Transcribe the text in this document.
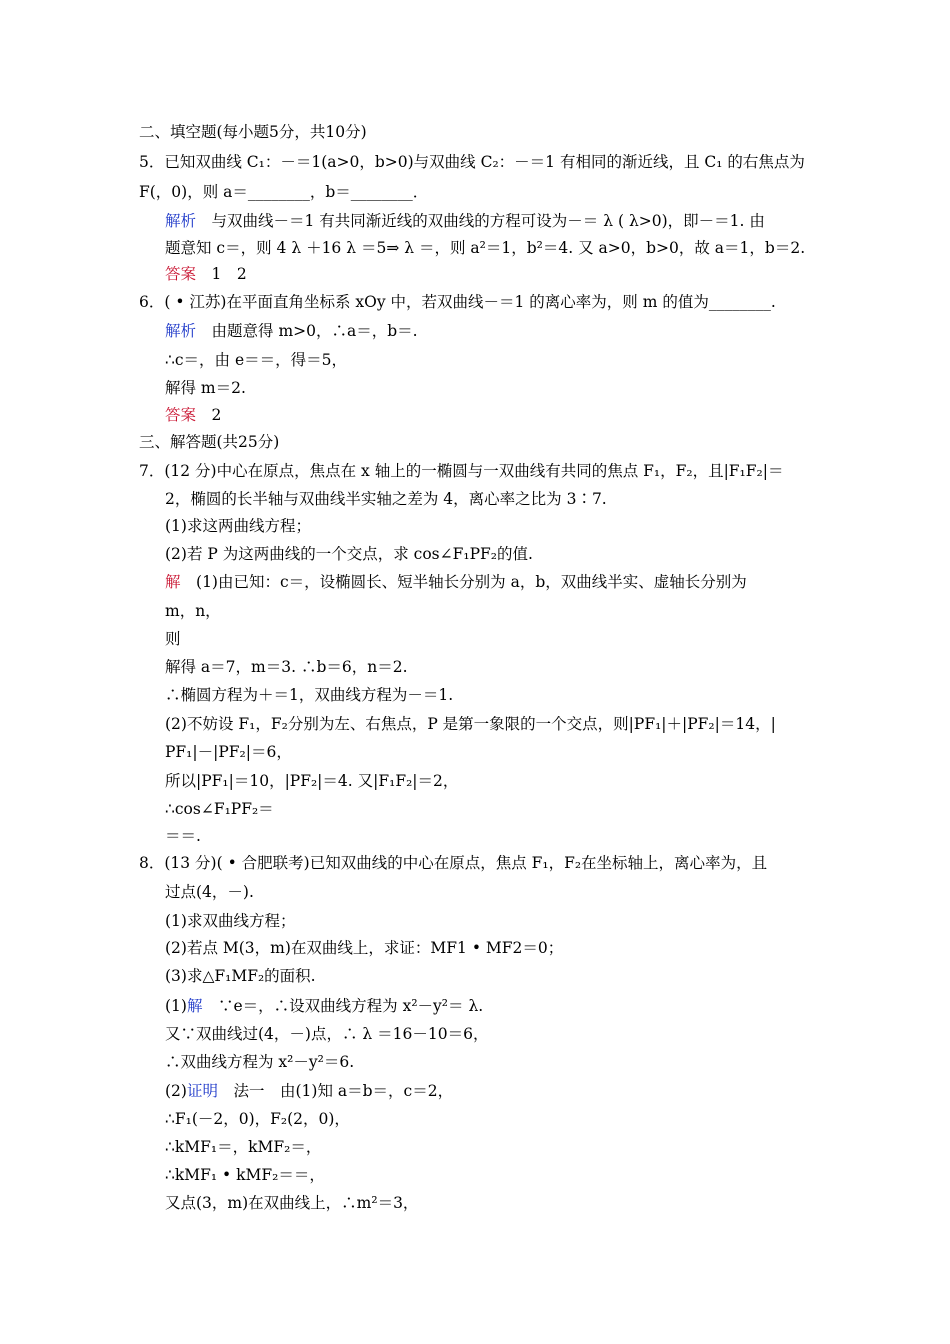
二、填空题(每小题5分，共10分)
5．已知双曲线 C₁：－＝1(a>0，b>0)与双曲线 C₂：－＝1 有相同的渐近线，且 C₁ 的右焦点为
F(，0)，则 a＝________，b＝________．
解析　与双曲线－＝1 有共同渐近线的双曲线的方程可设为－＝ λ ( λ>0)，即－＝1. 由
题意知 c＝，则 4 λ ＋16 λ ＝5⇒ λ ＝，则 a²＝1，b²＝4. 又 a>0，b>0，故 a＝1，b＝2.
答案　1　2
6．( • 江苏)在平面直角坐标系 xOy 中，若双曲线－＝1 的离心率为，则 m 的值为________.
解析　由题意得 m>0，∴a＝，b＝.
∴c＝，由 e＝＝，得＝5，
解得 m＝2.
答案　2
三、解答题(共25分)
7．(12 分)中心在原点，焦点在 x 轴上的一椭圆与一双曲线有共同的焦点 F₁，F₂，且|F₁F₂|＝
2，椭圆的长半轴与双曲线半实轴之差为 4，离心率之比为 3∶7.
(1)求这两曲线方程；
(2)若 P 为这两曲线的一个交点，求 cos∠F₁PF₂的值.
解　(1)由已知：c＝，设椭圆长、短半轴长分别为 a，b，双曲线半实、虚轴长分别为
m，n，
则
解得 a＝7，m＝3. ∴b＝6，n＝2.
∴椭圆方程为＋＝1，双曲线方程为－＝1.
(2)不妨设 F₁，F₂分别为左、右焦点，P 是第一象限的一个交点，则|PF₁|＋|PF₂|＝14，|
PF₁|－|PF₂|＝6，
所以|PF₁|＝10，|PF₂|＝4. 又|F₁F₂|＝2，
∴cos∠F₁PF₂＝
＝＝.
8．(13 分)( • 合肥联考)已知双曲线的中心在原点，焦点 F₁，F₂在坐标轴上，离心率为，且
过点(4，－).
(1)求双曲线方程；
(2)若点 M(3，m)在双曲线上，求证：MF1 • MF2＝0；
(3)求△F₁MF₂的面积.
(1)解　∵e＝，∴设双曲线方程为 x²－y²＝ λ.
又∵双曲线过(4，－)点，∴ λ ＝16－10＝6，
∴双曲线方程为 x²－y²＝6.
(2)证明　法一　由(1)知 a＝b＝，c＝2，
∴F₁(－2，0)，F₂(2，0)，
∴kMF₁＝，kMF₂＝，
∴kMF₁ • kMF₂＝＝，
又点(3，m)在双曲线上，∴m²＝3，
